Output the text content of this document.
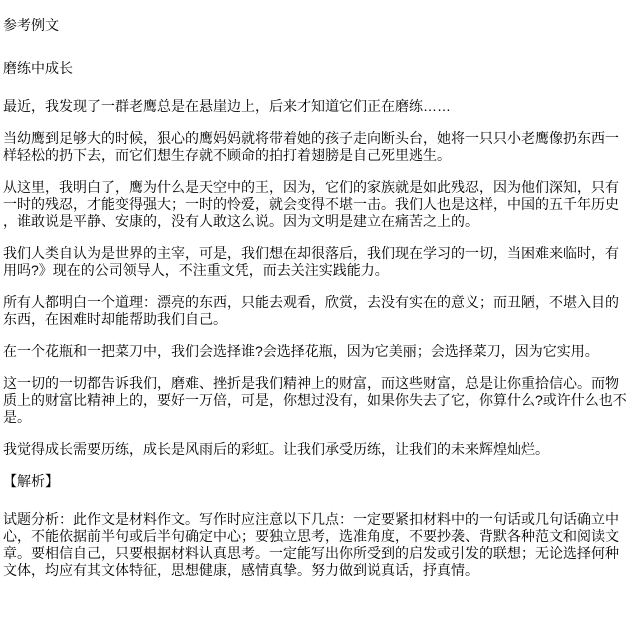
参考例文

磨练中成长

最近，我发现了一群老鹰总是在悬崖边上，后来才知道它们正在磨练……

当幼鹰到足够大的时候，狠心的鹰妈妈就将带着她的孩子走向断头台，她将一只只小老鹰像扔东西一样轻松的扔下去，而它们想生存就不顾命的拍打着翅膀是自己死里逃生。

从这里，我明白了，鹰为什么是天空中的王，因为，它们的家族就是如此残忍，因为他们深知，只有一时的残忍，才能变得强大；一时的怜爱，就会变得不堪一击。我们人也是这样，中国的五千年历史，谁敢说是平静、安康的，没有人敢这么说。因为文明是建立在痛苦之上的。

我们人类自认为是世界的主宰，可是，我们想在却很落后，我们现在学习的一切，当困难来临时，有用吗?》现在的公司领导人，不注重文凭，而去关注实践能力。

所有人都明白一个道理：漂亮的东西，只能去观看，欣赏，去没有实在的意义；而丑陋，不堪入目的东西，在困难时却能帮助我们自己。

在一个花瓶和一把菜刀中，我们会选择谁?会选择花瓶，因为它美丽；会选择菜刀，因为它实用。

这一切的一切都告诉我们，磨难、挫折是我们精神上的财富，而这些财富，总是让你重拾信心。而物质上的财富比精神上的，要好一万倍，可是，你想过没有，如果你失去了它，你算什么?或许什么也不是。

我觉得成长需要历练，成长是风雨后的彩虹。让我们承受历练，让我们的未来辉煌灿烂。

【解析】

试题分析：此作文是材料作文。写作时应注意以下几点：一定要紧扣材料中的一句话或几句话确立中心，不能依据前半句或后半句确定中心；要独立思考，选准角度，不要抄袭、背默各种范文和阅读文章。要相信自己，只要根据材料认真思考。一定能写出你所受到的启发或引发的联想；无论选择何种文体，均应有其文体特征，思想健康，感情真挚。努力做到说真话，抒真情。
